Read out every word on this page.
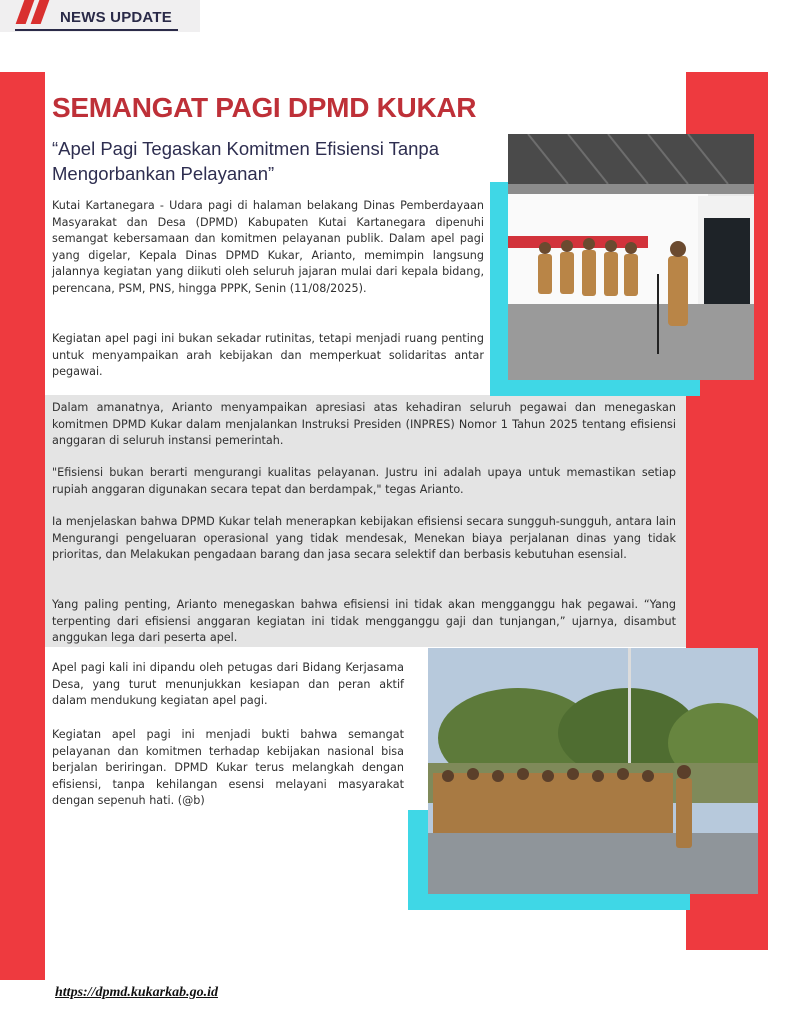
NEWS UPDATE
SEMANGAT PAGI DPMD KUKAR
“Apel Pagi Tegaskan Komitmen Efisiensi Tanpa Mengorbankan Pelayanan”

Kutai Kartanegara - Udara pagi di halaman belakang Dinas Pemberdayaan Masyarakat dan Desa (DPMD) Kabupaten Kutai Kartanegara dipenuhi semangat kebersamaan dan komitmen pelayanan publik. Dalam apel pagi yang digelar, Kepala Dinas DPMD Kukar, Arianto, memimpin langsung jalannya kegiatan yang diikuti oleh seluruh jajaran mulai dari kepala bidang, perencana, PSM, PNS, hingga PPPK, Senin (11/08/2025).

Kegiatan apel pagi ini bukan sekadar rutinitas, tetapi menjadi ruang penting untuk menyampaikan arah kebijakan dan memperkuat solidaritas antar pegawai.

Dalam amanatnya, Arianto menyampaikan apresiasi atas kehadiran seluruh pegawai dan menegaskan komitmen DPMD Kukar dalam menjalankan Instruksi Presiden (INPRES) Nomor 1 Tahun 2025 tentang efisiensi anggaran di seluruh instansi pemerintah.

"Efisiensi bukan berarti mengurangi kualitas pelayanan. Justru ini adalah upaya untuk memastikan setiap rupiah anggaran digunakan secara tepat dan berdampak," tegas Arianto.

Ia menjelaskan bahwa DPMD Kukar telah menerapkan kebijakan efisiensi secara sungguh-sungguh, antara lain Mengurangi pengeluaran operasional yang tidak mendesak, Menekan biaya perjalanan dinas yang tidak prioritas, dan Melakukan pengadaan barang dan jasa secara selektif dan berbasis kebutuhan esensial.

Yang paling penting, Arianto menegaskan bahwa efisiensi ini tidak akan mengganggu hak pegawai. “Yang terpenting dari efisiensi anggaran kegiatan ini tidak mengganggu gaji dan tunjangan,” ujarnya, disambut anggukan lega dari peserta apel.

Apel pagi kali ini dipandu oleh petugas dari Bidang Kerjasama Desa, yang turut menunjukkan kesiapan dan peran aktif dalam mendukung kegiatan apel pagi.

Kegiatan apel pagi ini menjadi bukti bahwa semangat pelayanan dan komitmen terhadap kebijakan nasional bisa berjalan beriringan. DPMD Kukar terus melangkah dengan efisiensi, tanpa kehilangan esensi melayani masyarakat dengan sepenuh hati. (@b)

https://dpmd.kukarkab.go.id
